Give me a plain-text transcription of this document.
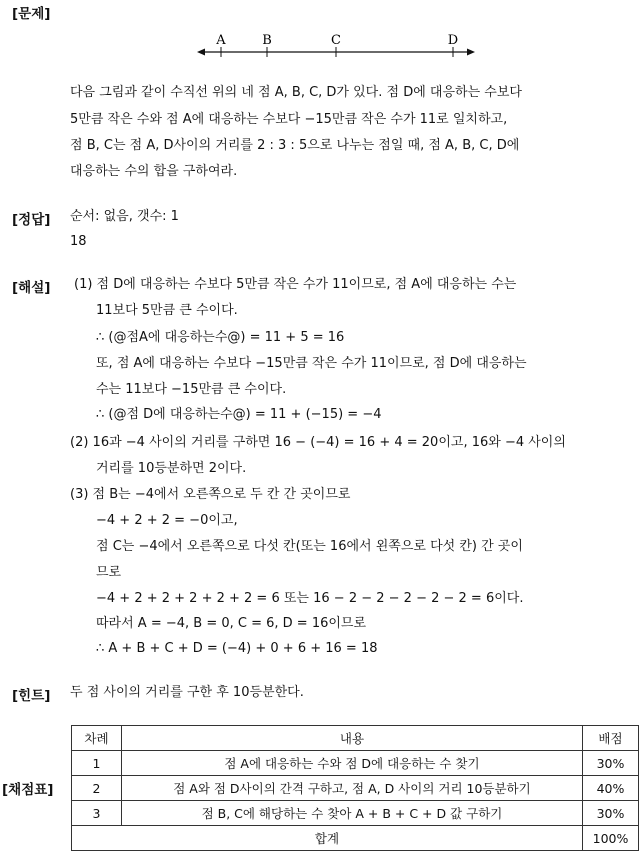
[문제]
[정답]
[해설]
[힌트]
[채점표]
A	B	C	D
다음 그림과 같이 수직선 위의 네 점 A, B, C, D가 있다. 점 D에 대응하는 수보다
5만큼 작은 수와 점 A에 대응하는 수보다 −15만큼 작은 수가 11로 일치하고,
점 B, C는 점 A, D사이의 거리를 2 : 3 : 5으로 나누는 점일 때, 점 A, B, C, D에
대응하는 수의 합을 구하여라.
순서: 없음, 갯수: 1
18
(1) 점 D에 대응하는 수보다 5만큼 작은 수가 11이므로, 점 A에 대응하는 수는
11보다 5만큼 큰 수이다.
∴ (@점A에 대응하는수@) = 11 + 5 = 16
또, 점 A에 대응하는 수보다 −15만큼 작은 수가 11이므로, 점 D에 대응하는
수는 11보다 −15만큼 큰 수이다.
∴ (@점 D에 대응하는수@) = 11 + (−15) = −4
(2) 16과 −4 사이의 거리를 구하면 16 − (−4) = 16 + 4 = 20이고, 16와 −4 사이의
거리를 10등분하면 2이다.
(3) 점 B는 −4에서 오른쪽으로 두 칸 간 곳이므로
−4 + 2 + 2 = −0이고,
점 C는 −4에서 오른쪽으로 다섯 칸(또는 16에서 왼쪽으로 다섯 칸) 간 곳이
므로
−4 + 2 + 2 + 2 + 2 + 2 = 6 또는 16 − 2 − 2 − 2 − 2 − 2 = 6이다.
따라서 A = −4, B = 0, C = 6, D = 16이므로
∴ A + B + C + D = (−4) + 0 + 6 + 16 = 18
두 점 사이의 거리를 구한 후 10등분한다.
차례	내용	배점
1	점 A에 대응하는 수와 점 D에 대응하는 수 찾기	30%
2	점 A와 점 D사이의 간격 구하고, 점 A, D 사이의 거리 10등분하기	40%
3	점 B, C에 해당하는 수 찾아 A + B + C + D 값 구하기	30%
합계		100%
